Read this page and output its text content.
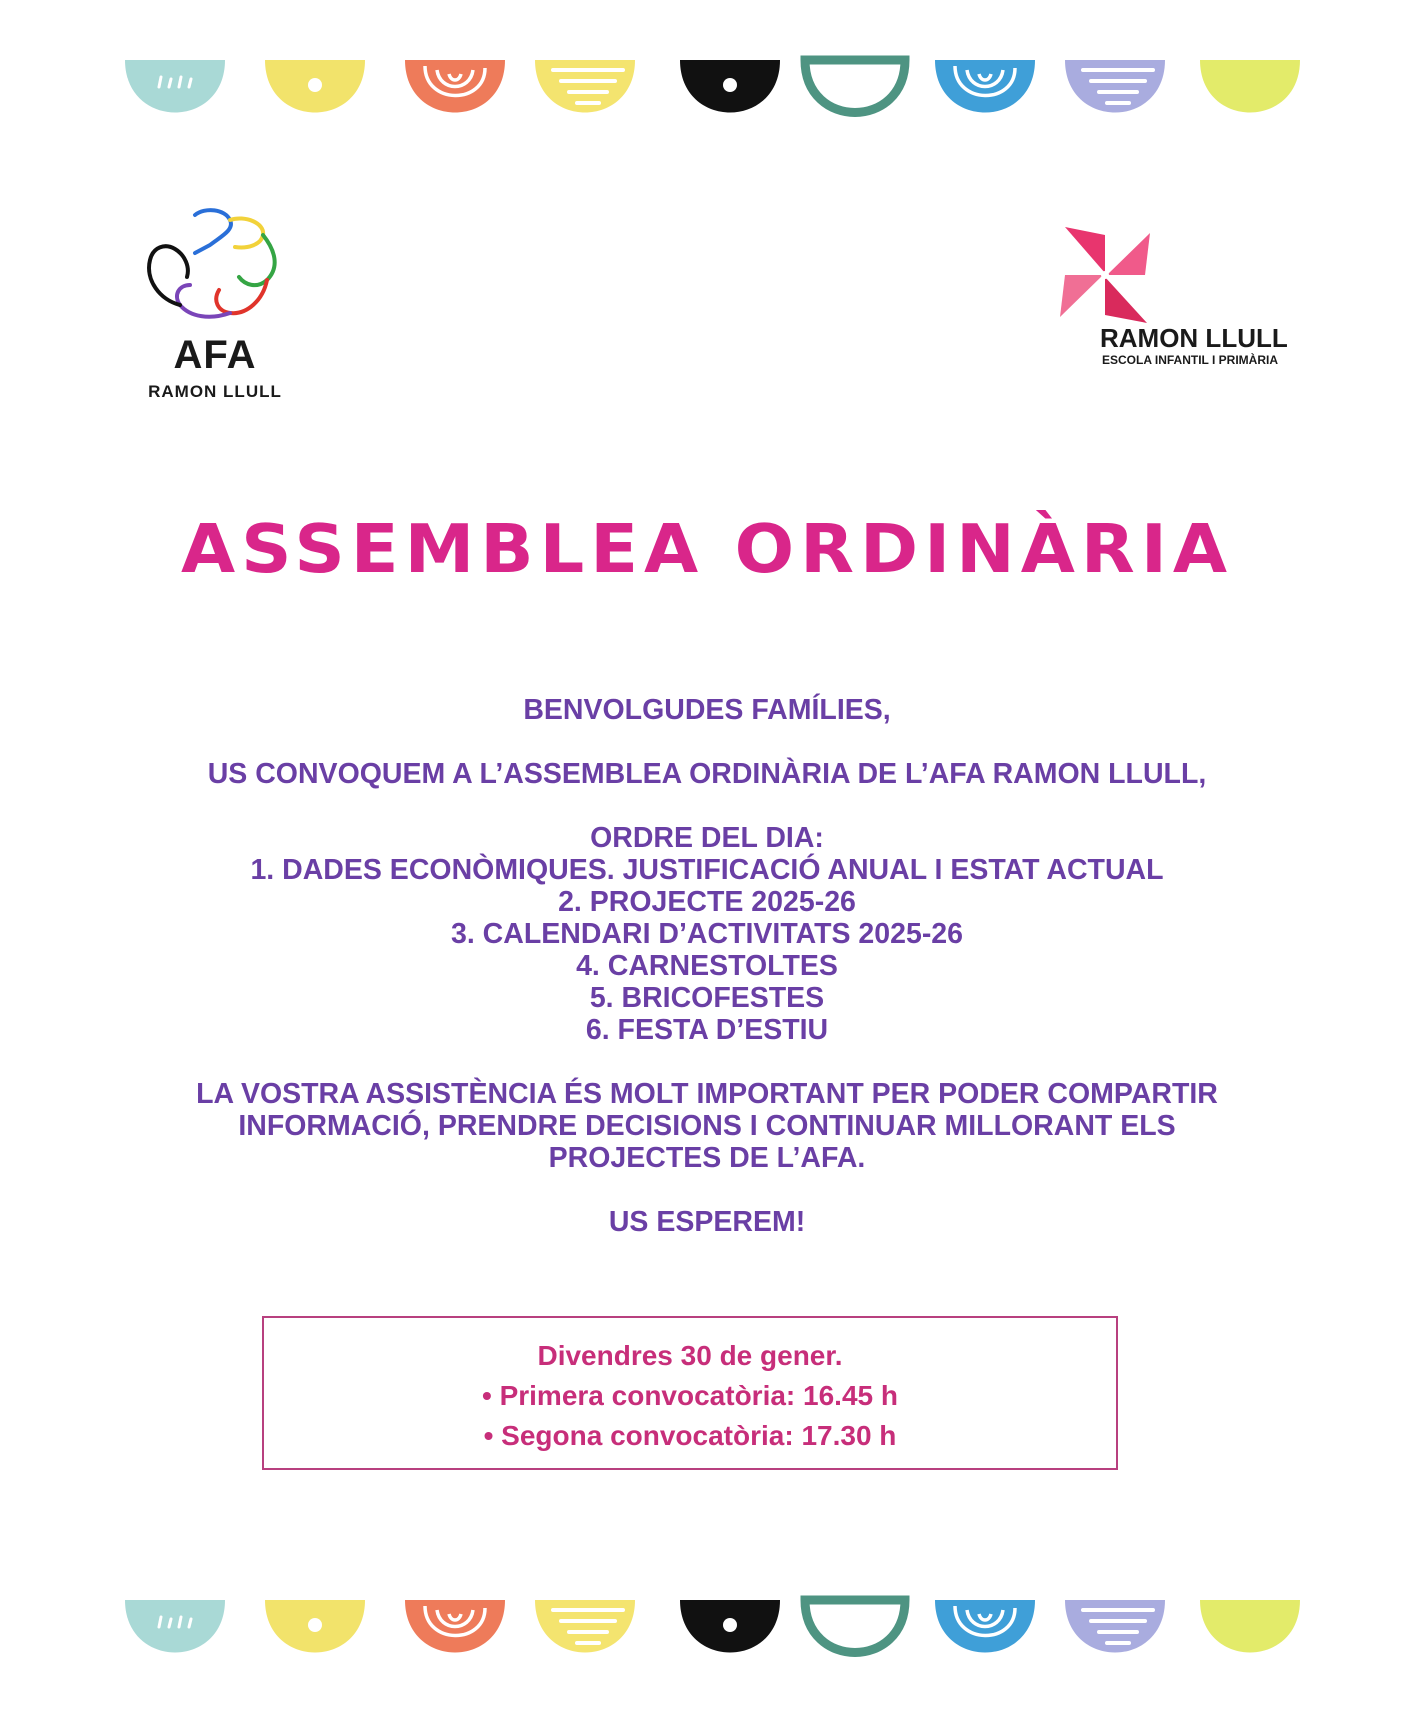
AFA
RAMON LLULL
RAMON LLULL
ESCOLA INFANTIL I PRIMÀRIA
ASSEMBLEA ORDINÀRIA
BENVOLGUDES FAMÍLIES,
US CONVOQUEM A L’ASSEMBLEA ORDINÀRIA DE L’AFA RAMON LLULL,
ORDRE DEL DIA:
1. DADES ECONÒMIQUES. JUSTIFICACIÓ ANUAL I ESTAT ACTUAL
2. PROJECTE 2025-26
3. CALENDARI D’ACTIVITATS 2025-26
4. CARNESTOLTES
5. BRICOFESTES
6. FESTA D’ESTIU
LA VOSTRA ASSISTÈNCIA ÉS MOLT IMPORTANT PER PODER COMPARTIR
INFORMACIÓ, PRENDRE DECISIONS I CONTINUAR MILLORANT ELS
PROJECTES DE L’AFA.
US ESPEREM!
Divendres 30 de gener.
• Primera convocatòria: 16.45 h
• Segona convocatòria: 17.30 h
